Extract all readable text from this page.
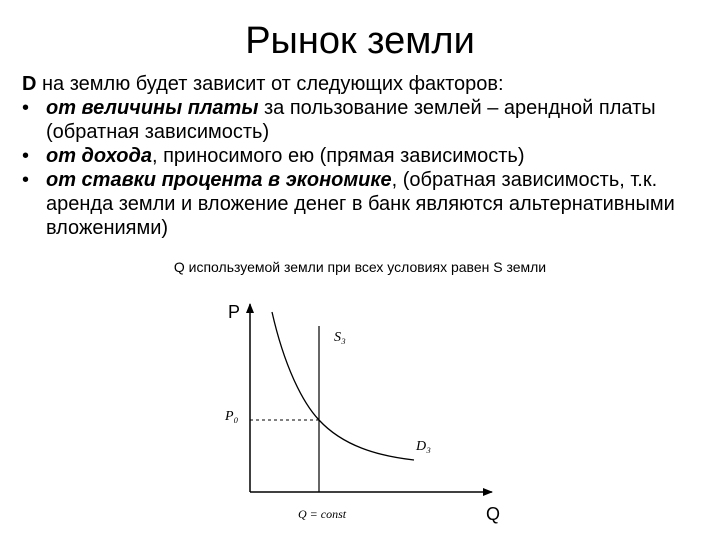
Рынок земли
D на землю будет зависит от следующих факторов:
• от величины платы за пользование землей – арендной платы (обратная зависимость)
• от дохода, приносимого ею (прямая зависимость)
• от ставки процента в экономике, (обратная зависимость, т.к. аренда земли и вложение денег в банк являются альтернативными вложениями)
Q используемой земли при всех условиях равен S земли
P
Q
S₃
D₃
P₀
Q = const
